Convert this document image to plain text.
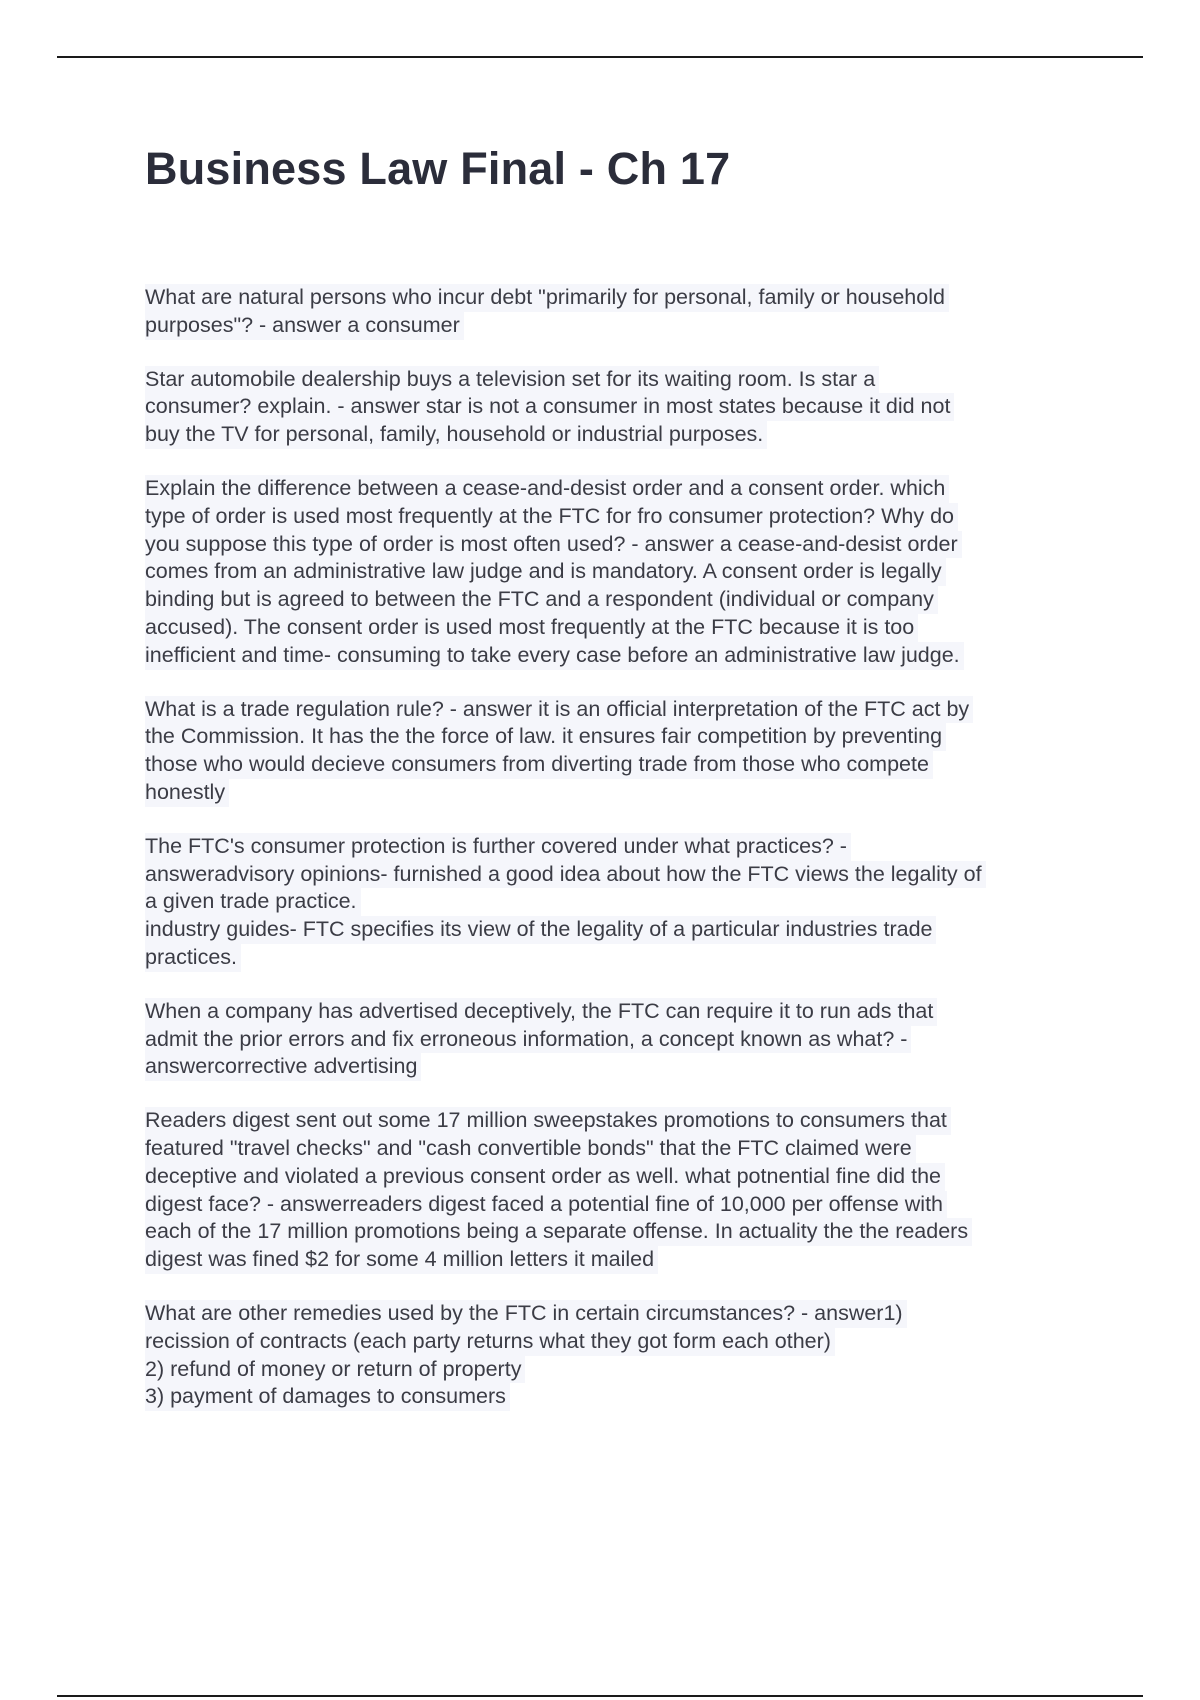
Business Law Final - Ch 17

What are natural persons who incur debt "primarily for personal, family or household
purposes"? - answer a consumer

Star automobile dealership buys a television set for its waiting room. Is star a
consumer? explain. - answer star is not a consumer in most states because it did not
buy the TV for personal, family, household or industrial purposes.

Explain the difference between a cease-and-desist order and a consent order. which
type of order is used most frequently at the FTC for fro consumer protection? Why do
you suppose this type of order is most often used? - answer a cease-and-desist order
comes from an administrative law judge and is mandatory. A consent order is legally
binding but is agreed to between the FTC and a respondent (individual or company
accused). The consent order is used most frequently at the FTC because it is too
inefficient and time- consuming to take every case before an administrative law judge.

What is a trade regulation rule? - answer it is an official interpretation of the FTC act by
the Commission. It has the the force of law. it ensures fair competition by preventing
those who would decieve consumers from diverting trade from those who compete
honestly

The FTC's consumer protection is further covered under what practices? -
answeradvisory opinions- furnished a good idea about how the FTC views the legality of
a given trade practice.
industry guides- FTC specifies its view of the legality of a particular industries trade
practices.

When a company has advertised deceptively, the FTC can require it to run ads that
admit the prior errors and fix erroneous information, a concept known as what? -
answercorrective advertising

Readers digest sent out some 17 million sweepstakes promotions to consumers that
featured "travel checks" and "cash convertible bonds" that the FTC claimed were
deceptive and violated a previous consent order as well. what potnential fine did the
digest face? - answerreaders digest faced a potential fine of 10,000 per offense with
each of the 17 million promotions being a separate offense. In actuality the the readers
digest was fined $2 for some 4 million letters it mailed

What are other remedies used by the FTC in certain circumstances? - answer1)
recission of contracts (each party returns what they got form each other)
2) refund of money or return of property
3) payment of damages to consumers
